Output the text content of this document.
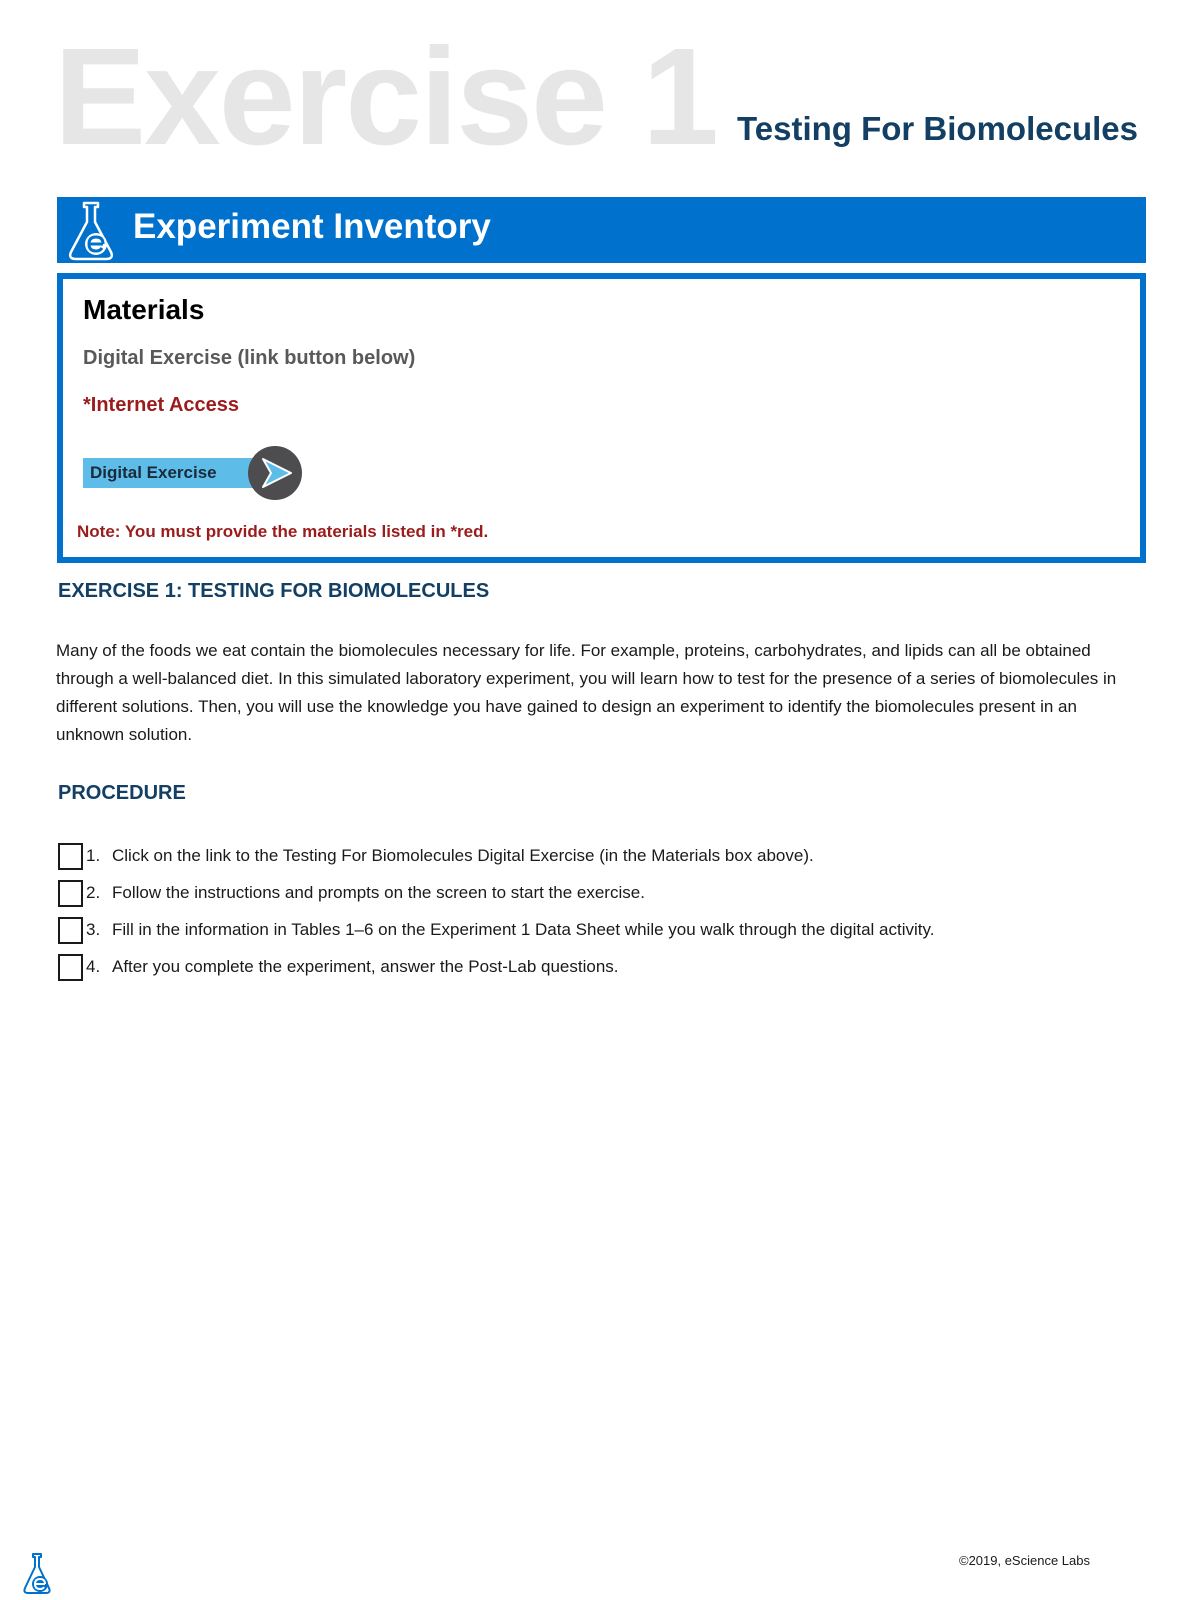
Exercise 1 Testing For Biomolecules
Experiment Inventory
Materials
Digital Exercise (link button below)
*Internet Access
Digital Exercise
Note: You must provide the materials listed in *red.
EXERCISE 1: TESTING FOR BIOMOLECULES

Many of the foods we eat contain the biomolecules necessary for life. For example, proteins, carbohydrates, and lipids can all be obtained through a well-balanced diet. In this simulated laboratory experiment, you will learn how to test for the presence of a series of biomolecules in different solutions. Then, you will use the knowledge you have gained to design an experiment to identify the biomolecules present in an unknown solution.

PROCEDURE
1. Click on the link to the Testing For Biomolecules Digital Exercise (in the Materials box above).
2. Follow the instructions and prompts on the screen to start the exercise.
3. Fill in the information in Tables 1–6 on the Experiment 1 Data Sheet while you walk through the digital activity.
4. After you complete the experiment, answer the Post-Lab questions.
©2019, eScience Labs
